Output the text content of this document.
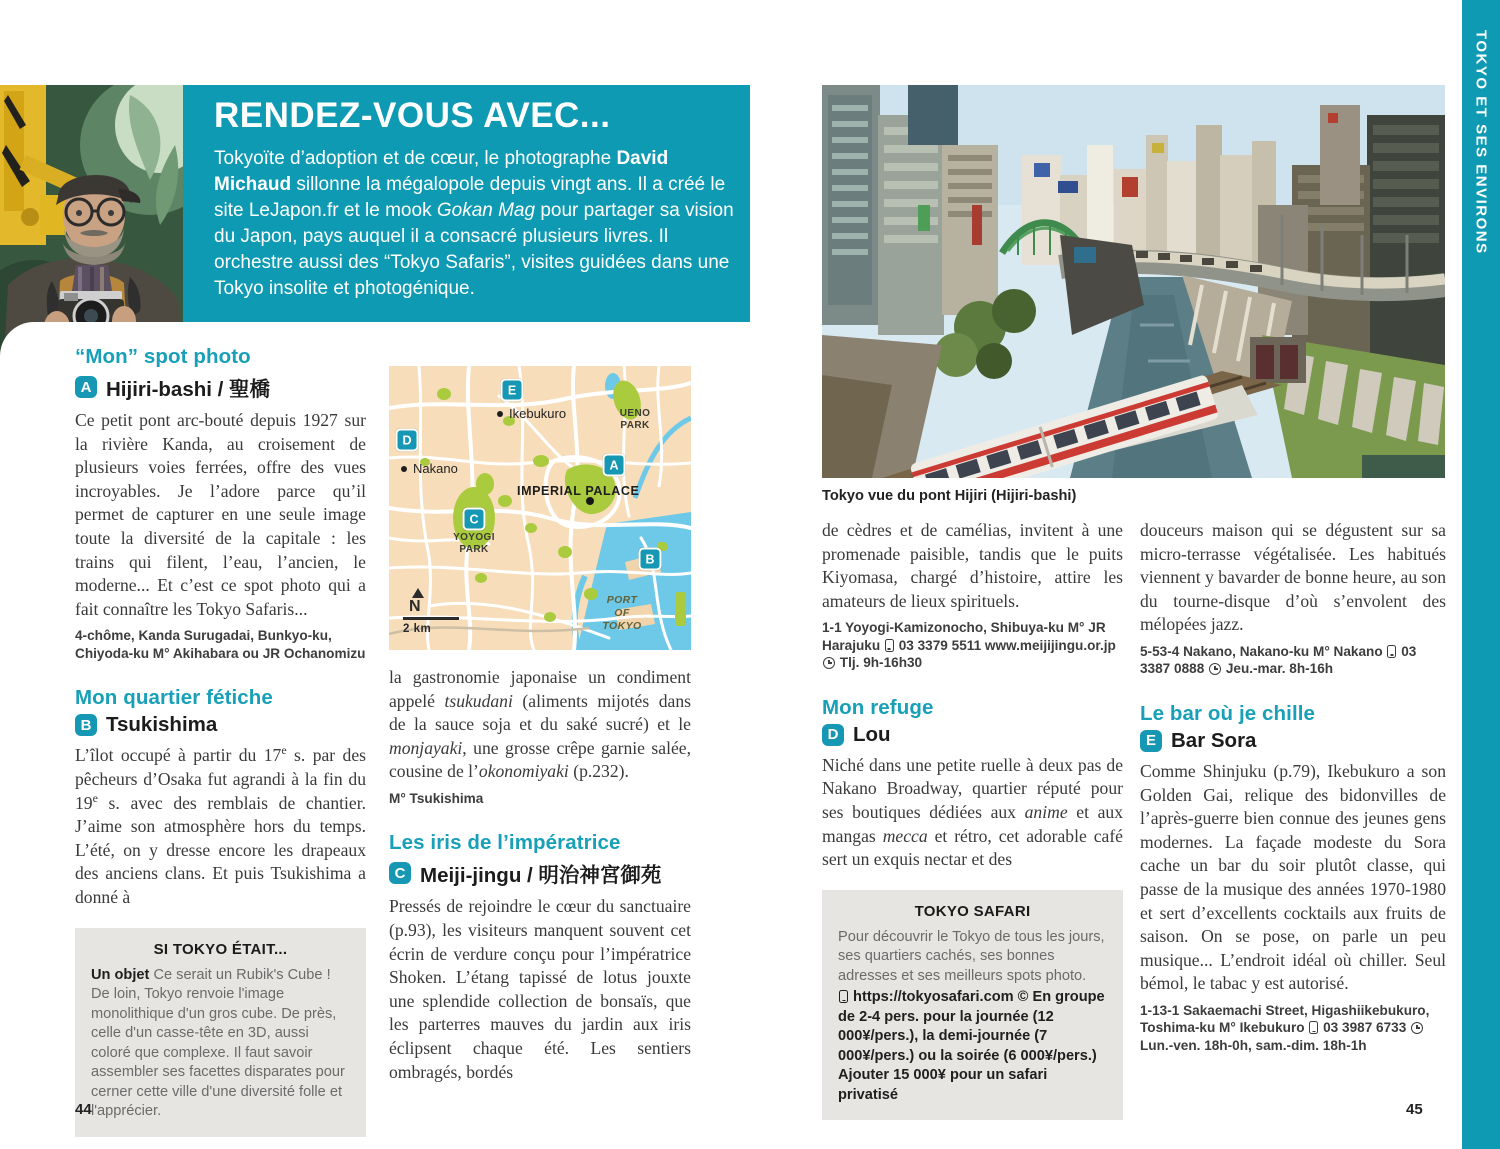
RENDEZ-VOUS AVEC...
Tokyoïte d’adoption et de cœur, le photographe David Michaud sillonne la mégalopole depuis vingt ans. Il a créé le site LeJapon.fr et le mook Gokan Mag pour partager sa vision du Japon, pays auquel il a consacré plusieurs livres. Il orchestre aussi des “Tokyo Safaris”, visites guidées dans une Tokyo insolite et photogénique.
TOKYO ET SES ENVIRONS
“Mon” spot photo
A Hijiri-bashi / 聖橋

Ce petit pont arc-bouté depuis 1927 sur la rivière Kanda, au croisement de plusieurs voies ferrées, offre des vues incroyables. Je l’adore parce qu’il permet de capturer en une seule image toute la diversité de la capitale : les trains qui filent, l’eau, l’ancien, le moderne... Et c’est ce spot photo qui a fait connaître les Tokyo Safaris...

4-chôme, Kanda Surugadai, Bunkyo-ku, Chiyoda-ku M° Akihabara ou JR Ochanomizu
Mon quartier fétiche
B Tsukishima

L’îlot occupé à partir du 17e s. par des pêcheurs d’Osaka fut agrandi à la fin du 19e s. avec des remblais de chantier. J’aime son atmosphère hors du temps. L’été, on y dresse encore les drapeaux des anciens clans. Et puis Tsukishima a donné à

SI TOKYO ÉTAIT...
Un objet Ce serait un Rubik's Cube ! De loin, Tokyo renvoie l'image monolithique d'un gros cube. De près, celle d'un casse-tête en 3D, aussi coloré que complexe. Il faut savoir assembler ses facettes disparates pour cerner cette ville d'une diversité folle et l'apprécier.
E
D
A
C
B
Ikebukuro	UENO PARK
Nakano
IMPERIAL PALACE
YOYOGI PARK
PORT OF TOKYO
N
2 km

la gastronomie japonaise un condiment appelé tsukudani (aliments mijotés dans de la sauce soja et du saké sucré) et le monjayaki, une grosse crêpe garnie salée, cousine de l’okonomiyaki (p.232).

M° Tsukishima
Les iris de l’impératrice
C Meiji-jingu / 明治神宮御苑

Pressés de rejoindre le cœur du sanctuaire (p.93), les visiteurs manquent souvent cet écrin de verdure conçu pour l’impératrice Shoken. L’étang tapissé de lotus jouxte une splendide collection de bonsaïs, que les parterres mauves du jardin aux iris éclipsent chaque été. Les sentiers ombragés, bordés

Tokyo vue du pont Hijiri (Hijiri-bashi)

de cèdres et de camélias, invitent à une promenade paisible, tandis que le puits Kiyomasa, chargé d’histoire, attire les amateurs de lieux spirituels.

1-1 Yoyogi-Kamizonocho, Shibuya-ku M° JR Harajuku  03 3379 5511 www.meijijingu.or.jp  Tlj. 9h-16h30
Mon refuge
D Lou

Niché dans une petite ruelle à deux pas de Nakano Broadway, quartier réputé pour ses boutiques dédiées aux anime et aux mangas mecca et rétro, cet adorable café sert un exquis nectar et des

TOKYO SAFARI
Pour découvrir le Tokyo de tous les jours, ses quartiers cachés, ses bonnes adresses et ses meilleurs spots photo.
https://tokyosafari.com © En groupe de 2-4 pers. pour la journée (12 000¥/pers.), la demi-journée (7 000¥/pers.) ou la soirée (6 000¥/pers.) Ajouter 15 000¥ pour un safari privatisé

douceurs maison qui se dégustent sur sa micro-terrasse végétalisée. Les habitués viennent y bavarder de bonne heure, au son du tourne-disque d’où s’envolent des mélopées jazz.

5-53-4 Nakano, Nakano-ku M° Nakano  03 3387 0888  Jeu.-mar. 8h-16h
Le bar où je chille
E Bar Sora

Comme Shinjuku (p.79), Ikebukuro a son Golden Gai, relique des bidonvilles de l’après-guerre bien connue des jeunes gens modernes. La façade modeste du Sora cache un bar du soir plutôt classe, qui passe de la musique des années 1970-1980 et sert d’excellents cocktails aux fruits de saison. On se pose, on parle un peu musique... L’endroit idéal où chiller. Seul bémol, le tabac y est autorisé.

1-13-1 Sakaemachi Street, Higashiikebukuro, Toshima-ku M° Ikebukuro  03 3987 6733  Lun.-ven. 18h-0h, sam.-dim. 18h-1h
44	45
